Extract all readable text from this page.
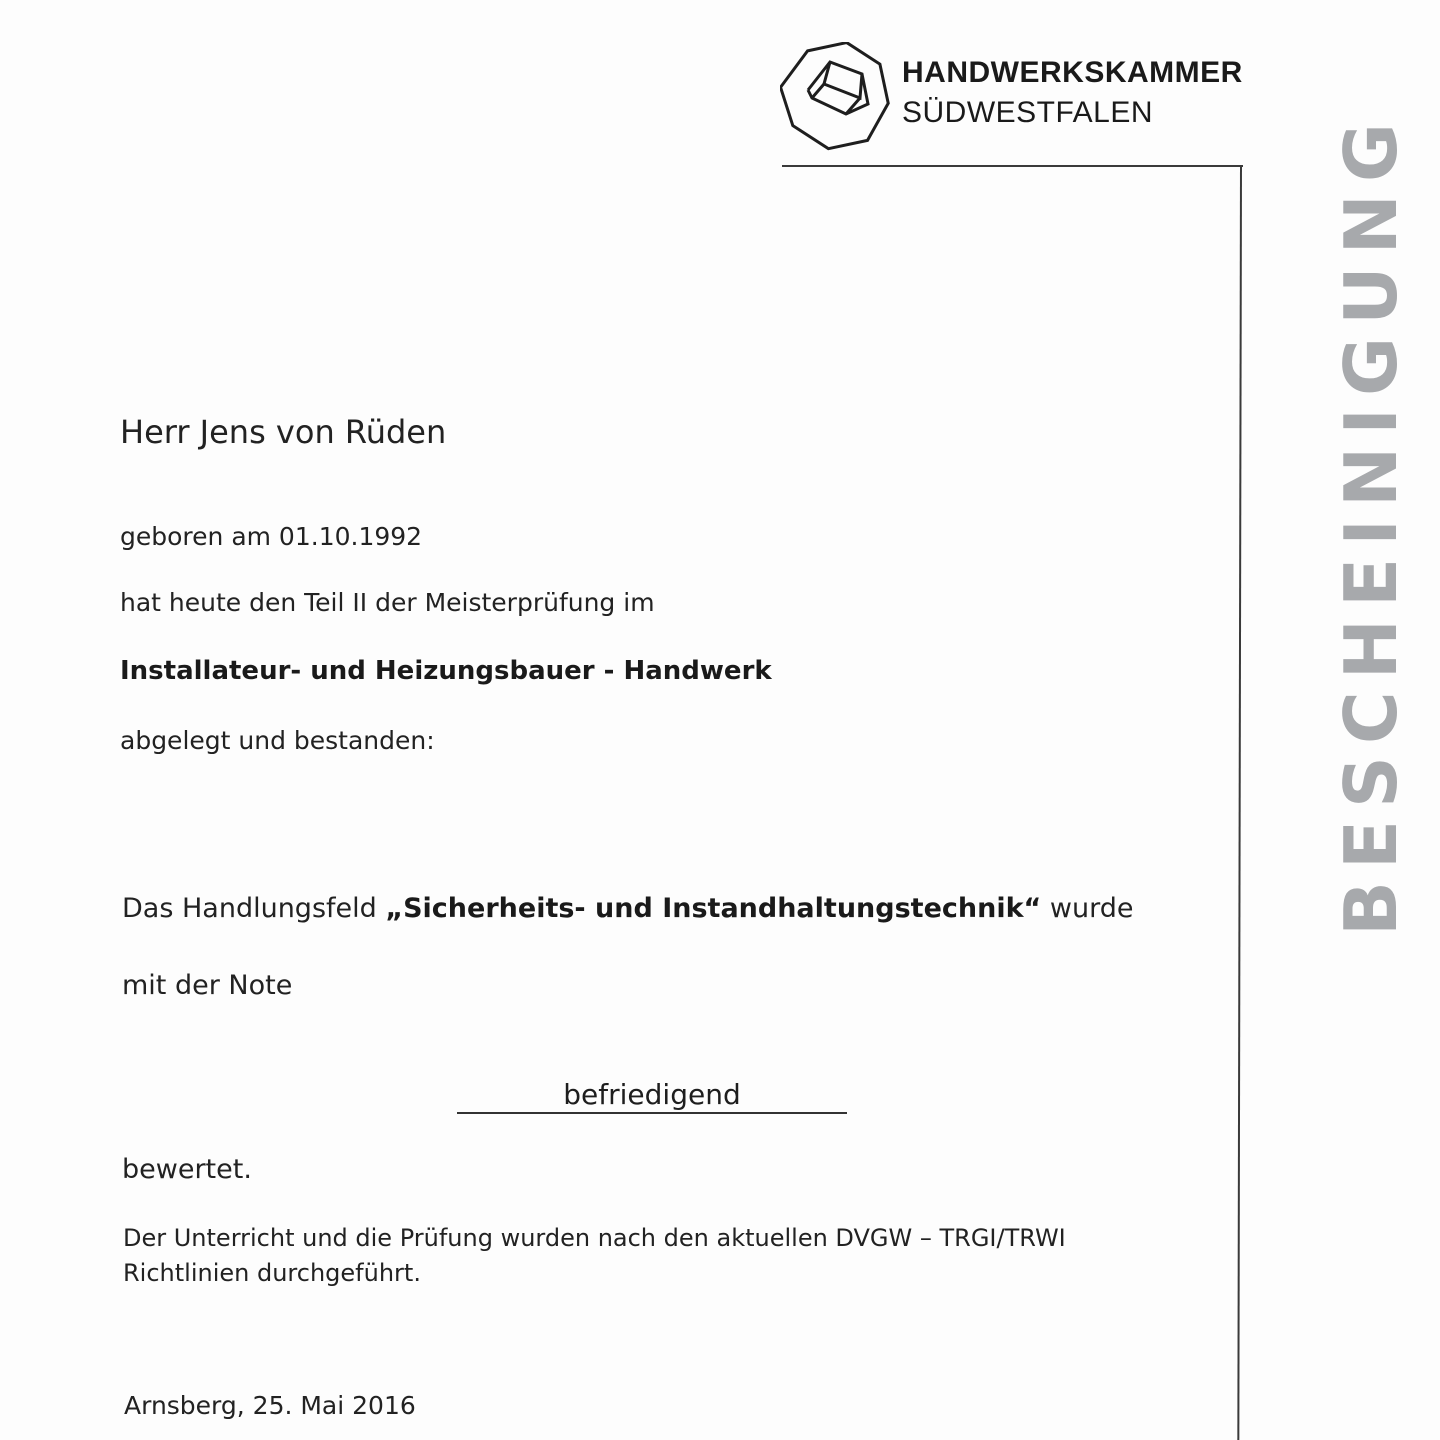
HANDWERKSKAMMER
SÜDWESTFALEN	BESCHEINIGUNG
Herr Jens von Rüden
geboren am 01.10.1992
hat heute den Teil II der Meisterprüfung im
Installateur- und Heizungsbauer - Handwerk
abgelegt und bestanden:
Das Handlungsfeld „Sicherheits- und Instandhaltungstechnik“ wurde
mit der Note
befriedigend
bewertet.
Der Unterricht und die Prüfung wurden nach den aktuellen DVGW – TRGI/TRWI
Richtlinien durchgeführt.
Arnsberg, 25. Mai 2016
